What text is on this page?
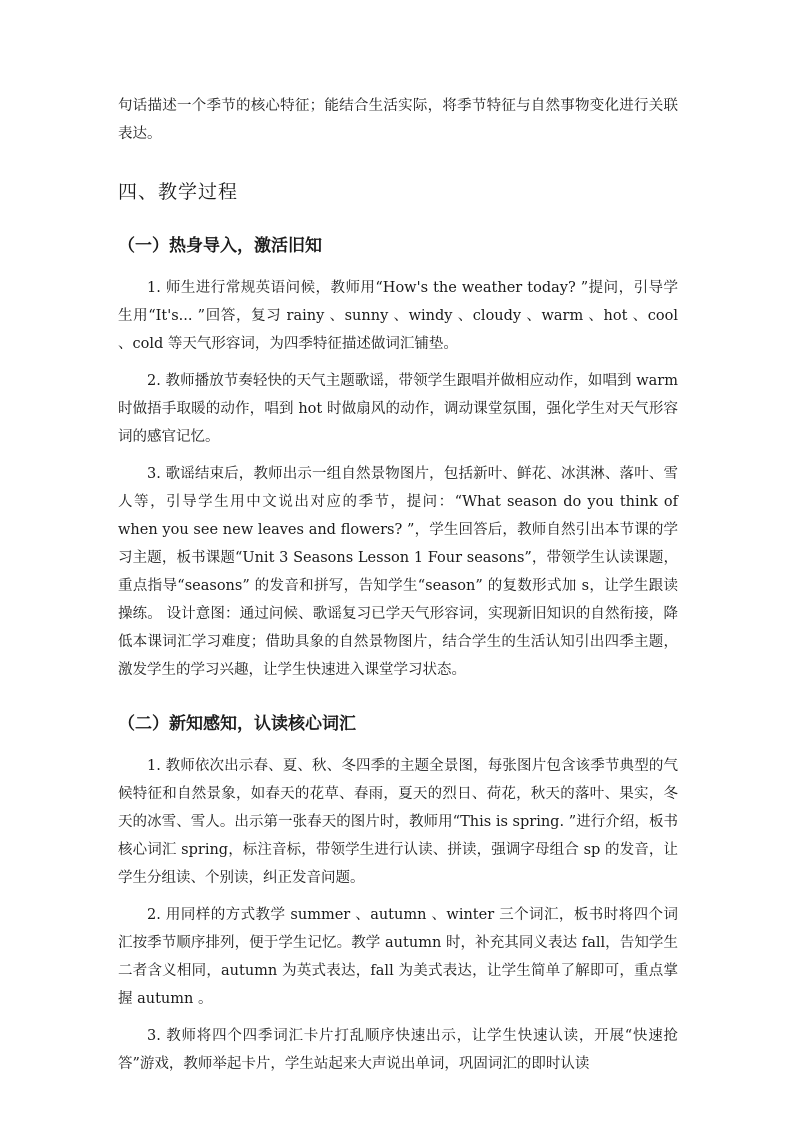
句话描述一个季节的核心特征；能结合生活实际，将季节特征与自然事物变化进行关联表达。

四、教学过程
（一）热身导入，激活旧知

1. 师生进行常规英语问候，教师用“How's the weather today? ”提问，引导学生用“It's... ”回答，复习 rainy 、sunny 、windy 、cloudy 、warm 、hot 、cool 、cold 等天气形容词，为四季特征描述做词汇铺垫。

2. 教师播放节奏轻快的天气主题歌谣，带领学生跟唱并做相应动作，如唱到 warm 时做捂手取暖的动作，唱到 hot 时做扇风的动作，调动课堂氛围，强化学生对天气形容词的感官记忆。

3. 歌谣结束后，教师出示一组自然景物图片，包括新叶、鲜花、冰淇淋、落叶、雪人等，引导学生用中文说出对应的季节，提问：“What season do you think of when you see new leaves and flowers? ”，学生回答后，教师自然引出本节课的学习主题，板书课题“Unit 3 Seasons Lesson 1 Four seasons”，带领学生认读课题，重点指导“seasons” 的发音和拼写，告知学生“season” 的复数形式加 s，让学生跟读操练。 设计意图：通过问候、歌谣复习已学天气形容词，实现新旧知识的自然衔接，降低本课词汇学习难度；借助具象的自然景物图片，结合学生的生活认知引出四季主题，激发学生的学习兴趣，让学生快速进入课堂学习状态。

（二）新知感知，认读核心词汇

1. 教师依次出示春、夏、秋、冬四季的主题全景图，每张图片包含该季节典型的气候特征和自然景象，如春天的花草、春雨，夏天的烈日、荷花，秋天的落叶、果实，冬天的冰雪、雪人。出示第一张春天的图片时，教师用“This is spring. ”进行介绍，板书核心词汇 spring，标注音标，带领学生进行认读、拼读，强调字母组合 sp 的发音，让学生分组读、个别读，纠正发音问题。

2. 用同样的方式教学 summer 、autumn 、winter 三个词汇，板书时将四个词汇按季节顺序排列，便于学生记忆。教学 autumn 时，补充其同义表达 fall，告知学生二者含义相同，autumn 为英式表达，fall 为美式表达，让学生简单了解即可，重点掌握 autumn 。

3. 教师将四个四季词汇卡片打乱顺序快速出示，让学生快速认读，开展“快速抢答”游戏，教师举起卡片，学生站起来大声说出单词，巩固词汇的即时认读
